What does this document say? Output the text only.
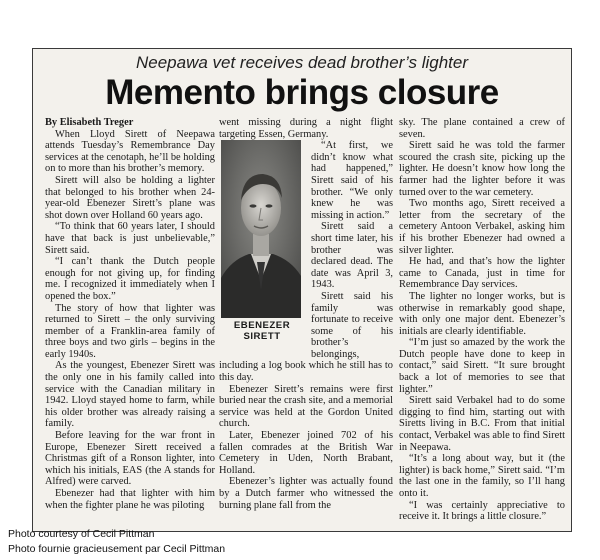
Neepawa vet receives dead brother’s lighter
Memento brings closure
By Elisabeth Treger

When Lloyd Sirett of Neepawa attends Tuesday’s Remembrance Day services at the cenotaph, he’ll be holding on to more than his brother’s memory.

Sirett will also be holding a lighter that belonged to his brother when 24-year-old Ebenezer Sirett’s plane was shot down over Holland 60 years ago.

“To think that 60 years later, I should have that back is just unbelievable,” Sirett said.

“I can’t thank the Dutch people enough for not giving up, for finding me. I recognized it immediately when I opened the box.”

The story of how that lighter was returned to Sirett – the only surviving member of a Franklin-area family of three boys and two girls – begins in the early 1940s.

As the youngest, Ebenezer Sirett was the only one in his family called into service with the Canadian military in 1942. Lloyd stayed home to farm, while his older brother was already raising a family.

Before leaving for the war front in Europe, Ebenezer Sirett received a Christmas gift of a Ronson lighter, into which his initials, EAS (the A stands for Alfred) were carved.

Ebenezer had that lighter with him when the fighter plane he was piloting

went missing during a night flight targeting Essen, Germany.

EBENEZER
SIRETT

“At first, we didn’t know what had happened,” Sirett said of his brother. “We only knew he was missing in action.”

Sirett said a short time later, his brother was declared dead. The date was April 3, 1943.

Sirett said his family was fortunate to receive some of his brother’s belongings, including a log book which he still has to this day.

Ebenezer Sirett’s remains were first buried near the crash site, and a memorial service was held at the Gordon United church.

Later, Ebenezer joined 702 of his fallen comrades at the British War Cemetery in Uden, North Brabant, Holland.

Ebenezer’s lighter was actually found by a Dutch farmer who witnessed the burning plane fall from the

sky. The plane contained a crew of seven.

Sirett said he was told the farmer scoured the crash site, picking up the lighter. He doesn’t know how long the farmer had the lighter before it was turned over to the war cemetery.

Two months ago, Sirett received a letter from the secretary of the cemetery Antoon Verbakel, asking him if his brother Ebenezer had owned a silver lighter.

He had, and that’s how the lighter came to Canada, just in time for Remembrance Day services.

The lighter no longer works, but is otherwise in remarkably good shape, with only one major dent. Ebenezer’s initials are clearly identifiable.

“I’m just so amazed by the work the Dutch people have done to keep in contact,” said Sirett. “It sure brought back a lot of memories to see that lighter.”

Sirett said Verbakel had to do some digging to find him, starting out with Siretts living in B.C. From that initial contact, Verbakel was able to find Sirett in Neepawa.

“It’s a long about way, but it (the lighter) is back home,” Sirett said. “I’m the last one in the family, so I’ll hang onto it.

“I was certainly appreciative to receive it. It brings a little closure.”

Photo courtesy of Cecil Pittman
Photo fournie gracieusement par Cecil Pittman
